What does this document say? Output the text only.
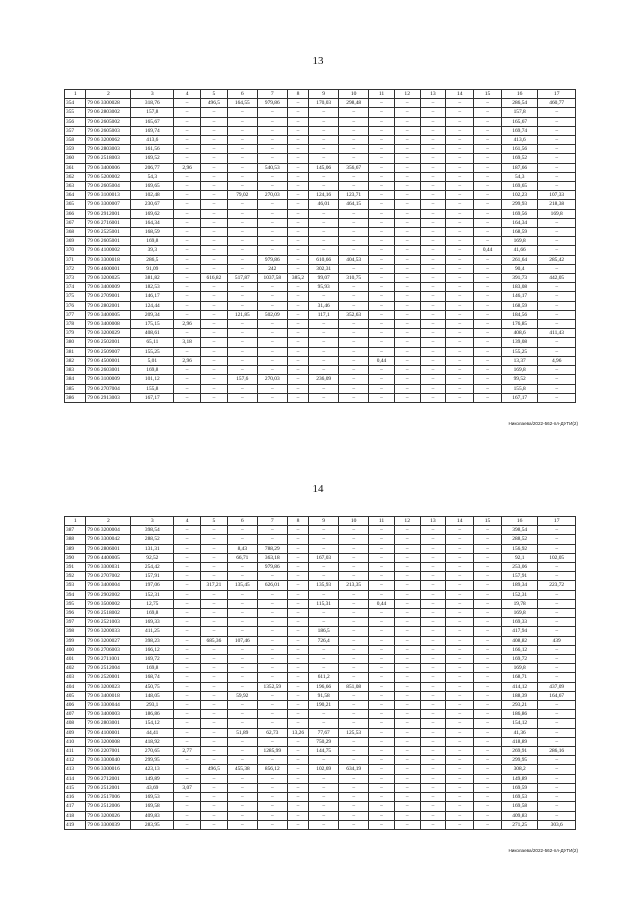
13
1	2	3	4	5	6	7	8	9	10	11	12	13	14	15	16	17
354	79 06 3300028	318,76	–	496,5	164,55	979,86	–	170,03	298,48	–	–	–	–	–	286,54	460,77
355	79 06 2803002	157,8	–	–	–	–	–	–	–	–	–	–	–	–	157,8	–
356	79 06 2605002	165,67	–	–	–	–	–	–	–	–	–	–	–	–	165,67	–
357	79 06 2605003	169,74	–	–	–	–	–	–	–	–	–	–	–	–	169,74	–
358	79 06 3200062	413,6	–	–	–	–	–	–	–	–	–	–	–	–	413,6	–
359	79 06 2803003	161,56	–	–	–	–	–	–	–	–	–	–	–	–	161,56	–
360	79 06 2518003	169,52	–	–	–	–	–	–	–	–	–	–	–	–	169,52	–
361	79 06 3400006	206,77	2,96	–	–	540,53	–	145,06	356,67	–	–	–	–	–	187,66	–
362	79 06 5200002	54,3	–	–	–	–	–	–	–	–	–	–	–	–	54,3	–
363	79 06 2605004	169,65	–	–	–	–	–	–	–	–	–	–	–	–	169,65	–
364	79 06 3100013	102,48	–	–	79,02	270,03	–	124,16	123,71	–	–	–	–	–	102,23	107,33
365	79 06 3300007	230,67	–	–	–	–	–	46,01	464,15	–	–	–	–	–	299,93	218,38
366	79 06 2912001	169,62	–	–	–	–	–	–	–	–	–	–	–	–	169,56	169,8
367	79 06 2716001	164,34	–	–	–	–	–	–	–	–	–	–	–	–	164,34	–
368	79 06 2525001	168,59	–	–	–	–	–	–	–	–	–	–	–	–	168,59	–
369	79 06 2605001	169,8	–	–	–	–	–	–	–	–	–	–	–	–	169,8	–
370	79 06 4100002	39,3	–	–	–	–	–	–	–	–	–	–	–	0,44	41,66	–
371	79 06 3300018	286,5	–	–	–	979,86	–	610,66	404,53	–	–	–	–	–	261,64	285,42
372	79 06 4600001	91,09	–	–	–	242	–	302,31	–	–	–	–	–	–	90,4	–
373	79 06 3200025	381,82	–	616,82	517,87	1037,58	385,2	99,07	310,75	–	–	–	–	–	391,73	442,05
374	79 06 3400009	182,53	–	–	–	–	–	95,93	–	–	–	–	–	–	183,08	–
375	79 06 2709001	146,17	–	–	–	–	–	–	–	–	–	–	–	–	146,17	–
376	79 06 2802001	124,44	–	–	–	–	–	31,46	–	–	–	–	–	–	168,59	–
377	79 06 3400005	209,34	–	–	121,85	502,09	–	117,1	352,63	–	–	–	–	–	184,56	–
378	79 06 3400008	175,15	2,96	–	–	–	–	–	–	–	–	–	–	–	176,85	–
379	79 06 3200029	408,61	–	–	–	–	–	–	–	–	–	–	–	–	408,6	411,43
380	79 06 2502001	65,11	3,18	–	–	–	–	–	–	–	–	–	–	–	139,08	–
381	79 06 2509007	155,25	–	–	–	–	–	–	–	–	–	–	–	–	155,25	–
382	79 06 4500001	5,01	2,96	–	–	–	–	–	–	0,44	–	–	–	–	13,37	4,96
383	79 06 2603001	169,8	–	–	–	–	–	–	–	–	–	–	–	–	169,8	–
384	79 06 3100009	101,12	–	–	157,6	270,03	–	236,09	–	–	–	–	–	–	99,52	–
385	79 06 2707004	155,8	–	–	–	–	–	–	–	–	–	–	–	–	155,8	–
386	79 06 2913003	167,17	–	–	–	–	–	–	–	–	–	–	–	–	167,17	–
Николаева/2022-562-пл-ДУГИ(2)
14
1	2	3	4	5	6	7	8	9	10	11	12	13	14	15	16	17
387	79 06 3200004	398,54	–	–	–	–	–	–	–	–	–	–	–	–	398,54	–
388	79 06 3300042	288,52	–	–	–	–	–	–	–	–	–	–	–	–	288,52	–
389	79 06 2806001	131,31	–	–	8,43	788,29	–	–	–	–	–	–	–	–	156,92	–
390	79 06 4400005	92,52	–	–	66,71	363,18	–	167,03	–	–	–	–	–	–	92,1	102,05
391	79 06 3300031	254,42	–	–	–	979,86	–	–	–	–	–	–	–	–	253,06	–
392	79 06 2707002	157,91	–	–	–	–	–	–	–	–	–	–	–	–	157,91	–
393	79 06 3400004	197,06	–	317,21	135,45	626,01	–	135,93	213,35	–	–	–	–	–	189,34	223,72
394	79 06 2902002	152,31	–	–	–	–	–	–	–	–	–	–	–	–	152,31	–
395	79 06 3500002	12,75	–	–	–	–	–	115,31	–	0,44	–	–	–	–	19,78	–
396	79 06 2518002	169,8	–	–	–	–	–	–	–	–	–	–	–	–	169,8	–
397	79 06 2521003	169,33	–	–	–	–	–	–	–	–	–	–	–	–	169,33	–
398	79 06 3200033	411,25	–	–	–	–	–	186,5	–	–	–	–	–	–	417,94	–
399	79 06 3200027	398,23	–	685,36	107,46	–	–	726,4	–	–	–	–	–	–	408,82	439
400	79 06 2706003	166,12	–	–	–	–	–	–	–	–	–	–	–	–	166,12	–
401	79 06 2711001	169,72	–	–	–	–	–	–	–	–	–	–	–	–	169,72	–
402	79 06 2512004	169,8	–	–	–	–	–	–	–	–	–	–	–	–	169,8	–
403	79 06 2520001	168,74	–	–	–	–	–	611,2	–	–	–	–	–	–	168,71	–
404	79 06 3200023	450,75	–	–	–	1352,59	–	196,66	851,08	–	–	–	–	–	414,12	437,09
405	79 06 3400018	148,05	–	–	59,92	–	–	91,58	–	–	–	–	–	–	188,39	164,67
406	79 06 3300044	293,1	–	–	–	–	–	190,21	–	–	–	–	–	–	293,21	–
407	79 06 3400003	186,86	–	–	–	–	–	–	–	–	–	–	–	–	186,86	–
408	79 06 2803001	154,12	–	–	–	–	–	–	–	–	–	–	–	–	154,12	–
409	79 06 4100001	44,41	–	–	51,89	62,73	13,26	77,67	125,53	–	–	–	–	–	41,36	–
410	79 06 3200008	418,92	–	–	–	–	–	750,29	–	–	–	–	–	–	418,89	–
411	79 06 2207001	270,65	2,77	–	–	1285,99	–	144,75	–	–	–	–	–	–	269,91	286,16
412	79 06 3300040	299,95	–	–	–	–	–	–	–	–	–	–	–	–	299,95	–
413	79 06 3300016	423,13	–	496,5	455,38	856,12	–	102,69	634,19	–	–	–	–	–	308,2	–
414	79 06 2712001	149,89	–	–	–	–	–	–	–	–	–	–	–	–	149,89	–
415	79 06 2512001	43,69	3,07	–	–	–	–	–	–	–	–	–	–	–	169,59	–
416	79 06 2517006	169,53	–	–	–	–	–	–	–	–	–	–	–	–	169,53	–
417	79 06 2512006	169,58	–	–	–	–	–	–	–	–	–	–	–	–	169,58	–
418	79 06 3200026	409,83	–	–	–	–	–	–	–	–	–	–	–	–	409,83	–
419	79 06 3300039	283,95	–	–	–	–	–	–	–	–	–	–	–	–	271,25	303,6
Николаева/2022-562-пл-ДУГИ(2)
